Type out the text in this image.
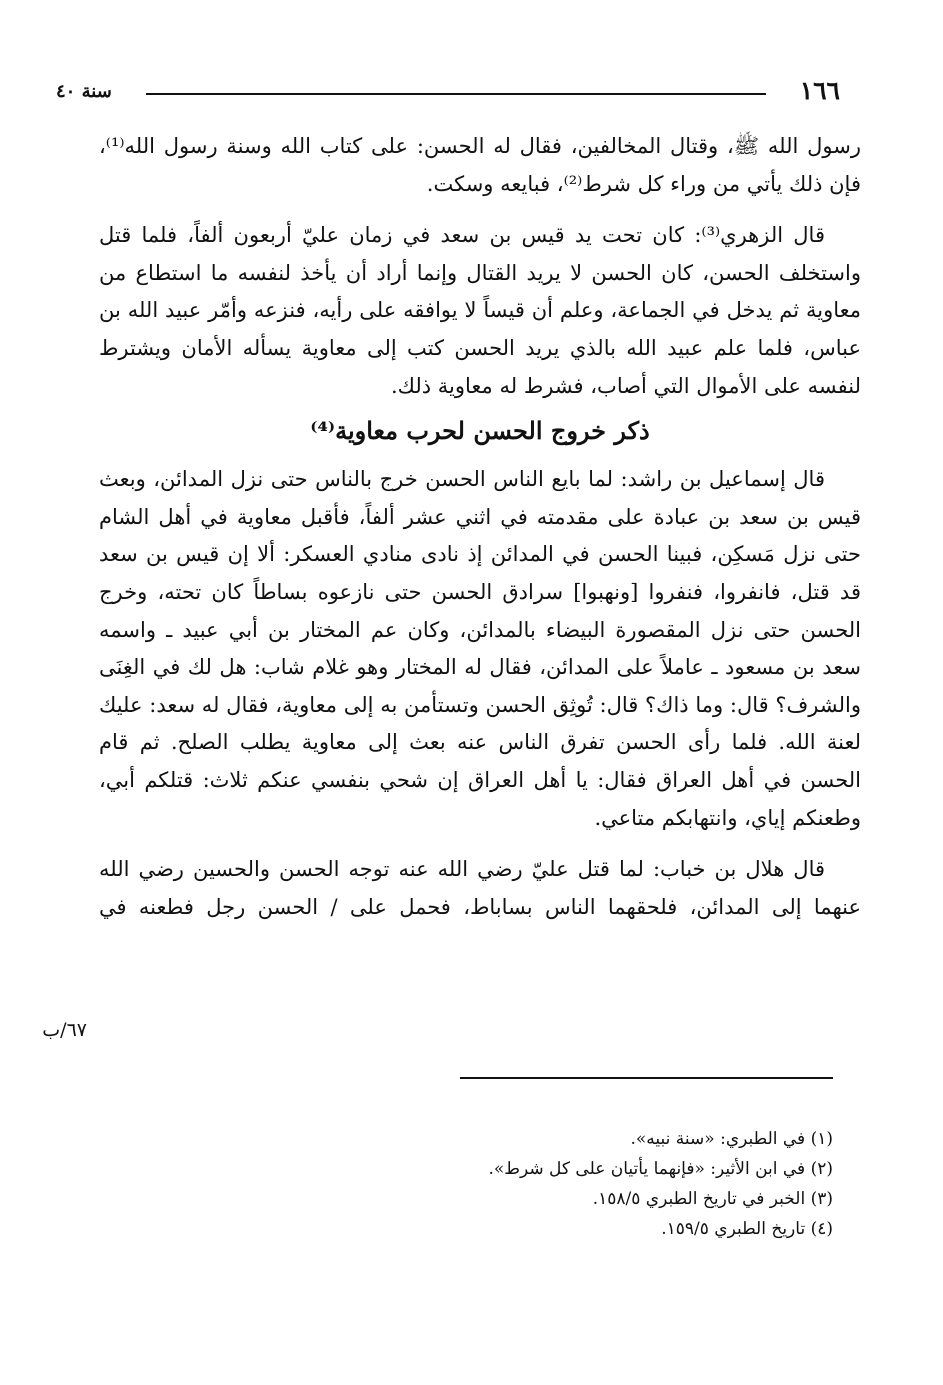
١٦٦
سنة ٤٠

رسول الله ﷺ، وقتال المخالفين، فقال له الحسن: على كتاب الله وسنة رسول الله⁽¹⁾، فإن ذلك يأتي من وراء كل شرط⁽²⁾، فبايعه وسكت.

قال الزهري⁽³⁾: كان تحت يد قيس بن سعد في زمان عليّ أربعون ألفاً، فلما قتل واستخلف الحسن، كان الحسن لا يريد القتال وإنما أراد أن يأخذ لنفسه ما استطاع من معاوية ثم يدخل في الجماعة، وعلم أن قيساً لا يوافقه على رأيه، فنزعه وأمّر عبيد الله بن عباس، فلما علم عبيد الله بالذي يريد الحسن كتب إلى معاوية يسأله الأمان ويشترط لنفسه على الأموال التي أصاب، فشرط له معاوية ذلك.

ذكر خروج الحسن لحرب معاوية⁽⁴⁾

قال إسماعيل بن راشد: لما بايع الناس الحسن خرج بالناس حتى نزل المدائن، وبعث قيس بن سعد بن عبادة على مقدمته في اثني عشر ألفاً، فأقبل معاوية في أهل الشام حتى نزل مَسكِن، فبينا الحسن في المدائن إذ نادى منادي العسكر: ألا إن قيس بن سعد قد قتل، فانفروا، فنفروا [ونهبوا] سرادق الحسن حتى نازعوه بساطاً كان تحته، وخرج الحسن حتى نزل المقصورة البيضاء بالمدائن، وكان عم المختار بن أبي عبيد ـ واسمه سعد بن مسعود ـ عاملاً على المدائن، فقال له المختار وهو غلام شاب: هل لك في الغِنَى والشرف؟ قال: وما ذاك؟ قال: تُوثِق الحسن وتستأمن به إلى معاوية، فقال له سعد: عليك لعنة الله. فلما رأى الحسن تفرق الناس عنه بعث إلى معاوية يطلب الصلح. ثم قام الحسن في أهل العراق فقال: يا أهل العراق إن شحي بنفسي عنكم ثلاث: قتلكم أبي، وطعنكم إياي، وانتهابكم متاعي.

قال هلال بن خباب: لما قتل عليّ رضي الله عنه توجه الحسن والحسين رضي الله عنهما إلى المدائن، فلحقهما الناس بساباط، فحمل على / الحسن رجل فطعنه في

٦٧/ب

(١) في الطبري: «سنة نبيه».

(٢) في ابن الأثير: «فإنهما يأتيان على كل شرط».

(٣) الخبر في تاريخ الطبري ١٥٨/٥.

(٤) تاريخ الطبري ١٥٩/٥.
